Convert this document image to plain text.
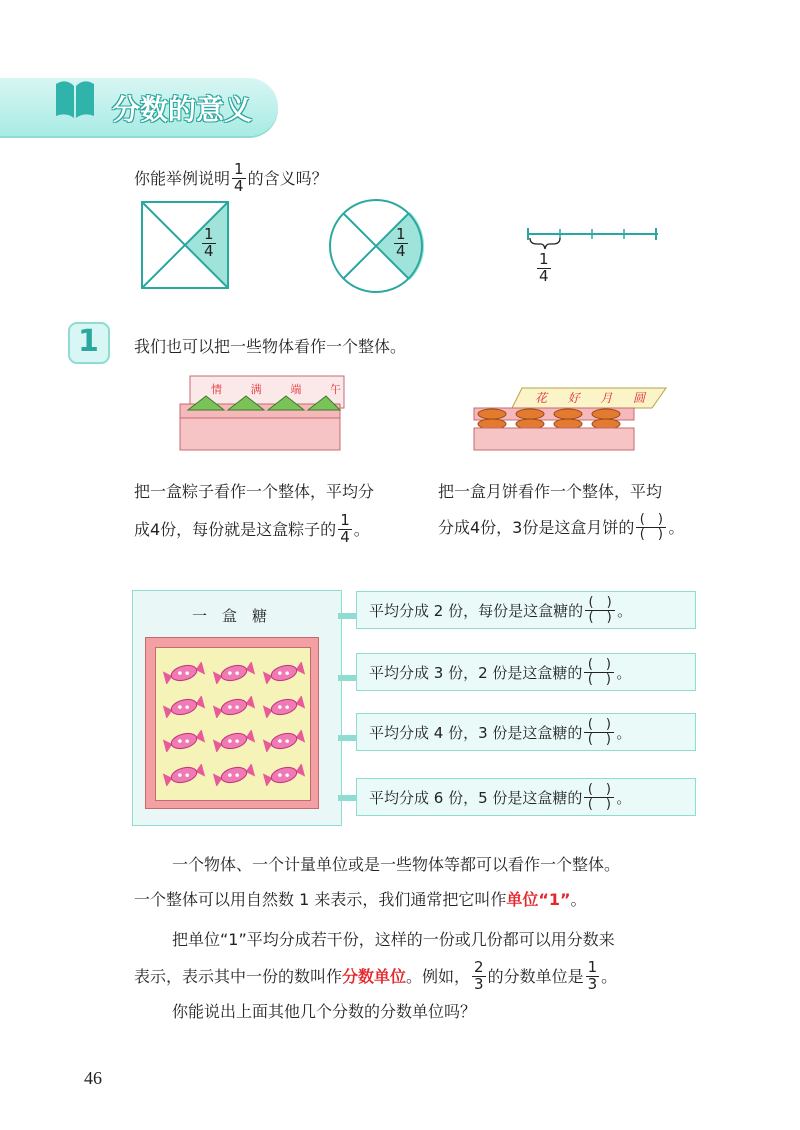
分数的意义
你能举例说明 $\frac{1}{4}$ 的含义吗？
$\frac{1}{4}$	$\frac{1}{4}$
$\frac{1}{4}$
1 我们也可以把一些物体看作一个整体。
情	满	端	午
花 好 月 圆
把一盒粽子看作一个整体，平均分
成4份，每份就是这盒粽子的 $\frac{1}{4}$ 。
把一盒月饼看作一个整体，平均
分成4份，3份是这盒月饼的 $\frac{( )}{( )}$ 。
一　盒　糖	平均分成 2 份，每份是这盒糖的 $\frac{( )}{( )}$ 。
平均分成 3 份，2 份是这盒糖的 $\frac{( )}{( )}$ 。
平均分成 4 份，3 份是这盒糖的 $\frac{( )}{( )}$ 。
平均分成 6 份，5 份是这盒糖的 $\frac{( )}{( )}$ 。
一个物体、一个计量单位或是一些物体等都可以看作一个整体。
一个整体可以用自然数 1 来表示，我们通常把它叫作单位“1”。
把单位“1”平均分成若干份，这样的一份或几份都可以用分数来
表示，表示其中一份的数叫作 分数单位 。例如， $\frac{2}{3}$ 的分数单位是 $\frac{1}{3}$ 。
你能说出上面其他几个分数的分数单位吗？
46
